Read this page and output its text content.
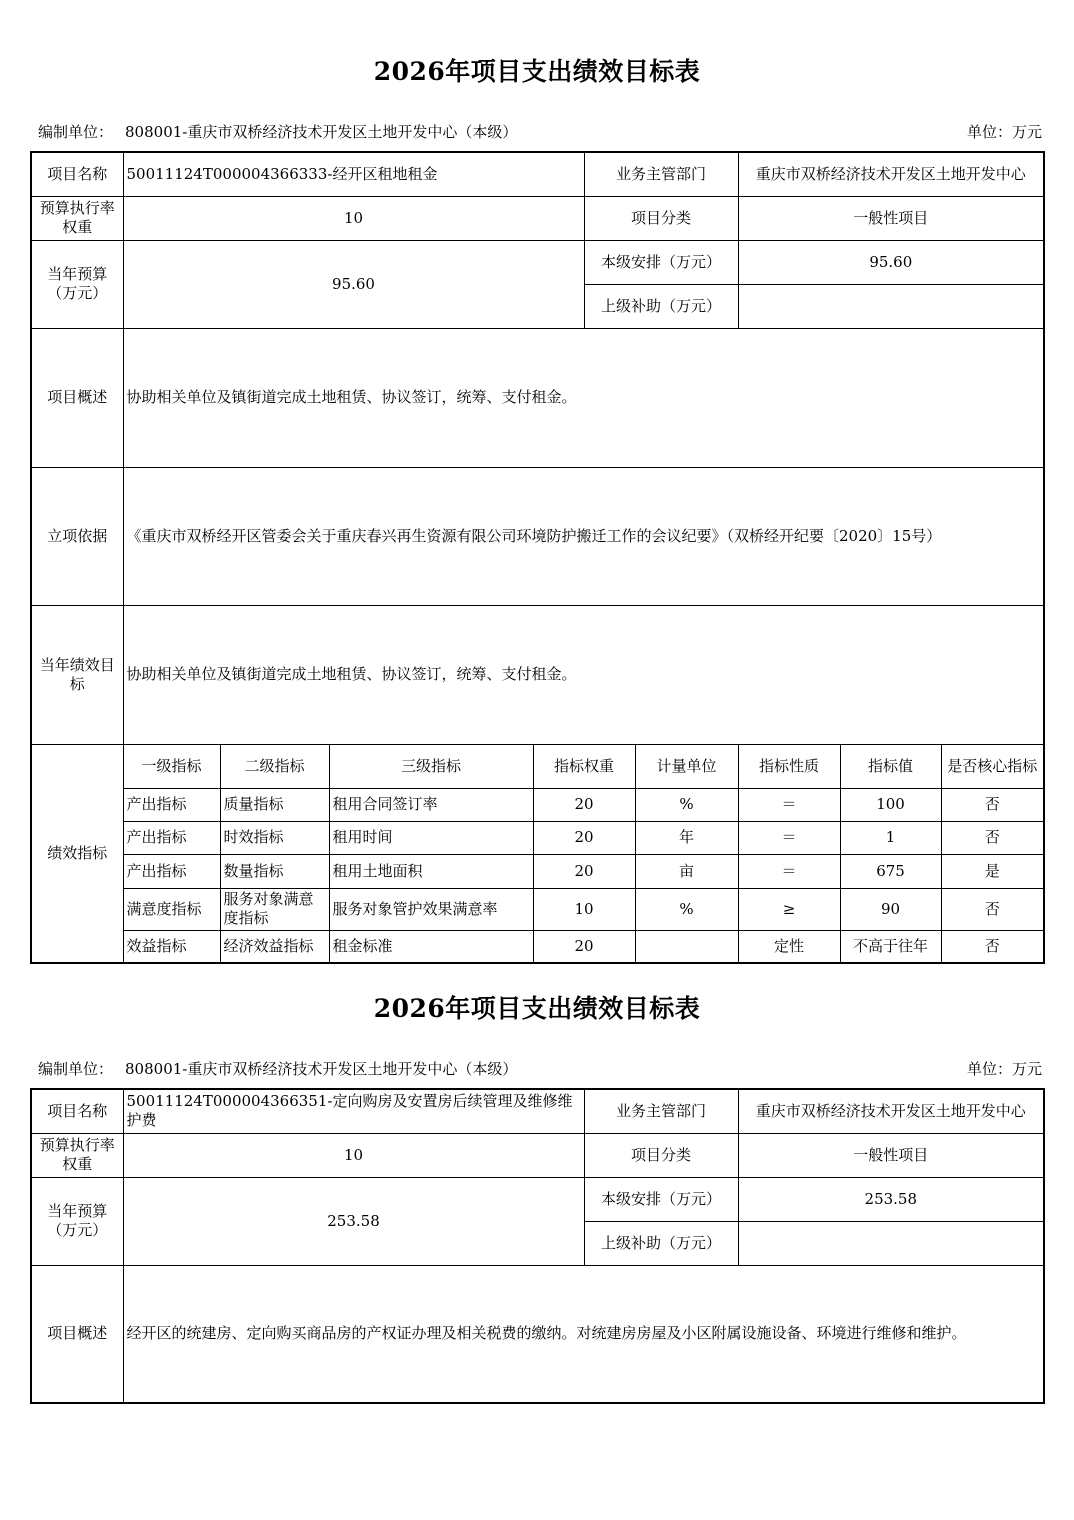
2026年项目支出绩效目标表
编制单位： 808001-重庆市双桥经济技术开发区土地开发中心（本级）	单位：万元
项目名称	50011124T000004366333-经开区租地租金				业务主管部门		重庆市双桥经济技术开发区土地开发中心		
预算执行率权重	10				项目分类		一般性项目		
当年预算（万元）	95.60				本级安排（万元）		95.60		
					上级补助（万元）				
项目概述	协助相关单位及镇街道完成土地租赁、协议签订，统筹、支付租金。								
立项依据	《重庆市双桥经开区管委会关于重庆春兴再生资源有限公司环境防护搬迁工作的会议纪要》（双桥经开纪要〔2020〕15号）								
当年绩效目标	协助相关单位及镇街道完成土地租赁、协议签订，统筹、支付租金。								
绩效指标	一级指标	二级指标	三级指标	指标权重		计量单位	指标性质	指标值	是否核心指标
	产出指标	质量指标	租用合同签订率	20		%	＝	100	否
	产出指标	时效指标	租用时间	20		年	＝	1	否
	产出指标	数量指标	租用土地面积	20		亩	＝	675	是
	满意度指标	服务对象满意度指标	服务对象管护效果满意率	10		%	≥	90	否
	效益指标	经济效益指标	租金标准	20			定性	不高于往年	否
2026年项目支出绩效目标表
编制单位： 808001-重庆市双桥经济技术开发区土地开发中心（本级）	单位：万元
项目名称	50011124T000004366351-定向购房及安置房后续管理及维修维护费	业务主管部门	重庆市双桥经济技术开发区土地开发中心
预算执行率权重	10	项目分类	一般性项目
当年预算（万元）	253.58	本级安排（万元）	253.58
		上级补助（万元）	
项目概述	经开区的统建房、定向购买商品房的产权证办理及相关税费的缴纳。对统建房房屋及小区附属设施设备、环境进行维修和维护。		
